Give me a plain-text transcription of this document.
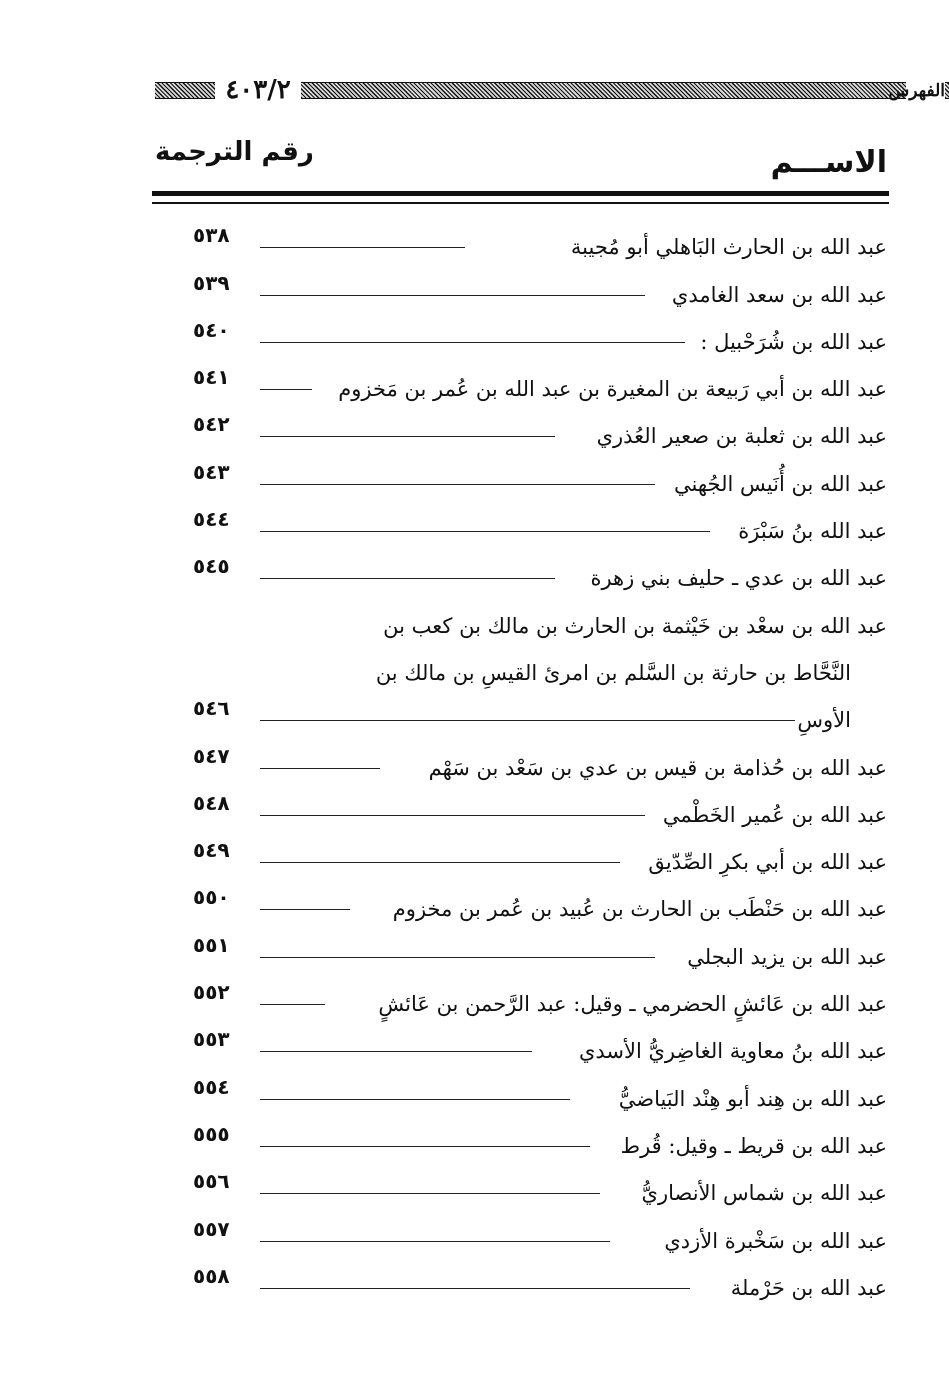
٤٠٣/٢	الفهرس
الاســـم
رقم الترجمة
عبد الله بن الحارث البَاهلي أبو مُجيبة
٥٣٨
عبد الله بن سعد الغامدي
٥٣٩
عبد الله بن شُرَحْبيل :
٥٤٠
عبد الله بن أبي رَبيعة بن المغيرة بن عبد الله بن عُمر بن مَخزوم
٥٤١
عبد الله بن ثعلبة بن صعير العُذري
٥٤٢
عبد الله بن أُنَيس الجُهني
٥٤٣
عبد الله بنُ سَبْرَة
٥٤٤
عبد الله بن عدي ـ حليف بني زهرة
٥٤٥
عبد الله بن سعْد بن خَيْثمة بن الحارث بن مالك بن كعب بن
النَّحَّاط بن حارثة بن السَّلم بن امرئ القيسِ بن مالك بن
الأوسِ
٥٤٦
عبد الله بن حُذامة بن قيس بن عدي بن سَعْد بن سَهْم
٥٤٧
عبد الله بن عُمير الخَطْمي
٥٤٨
عبد الله بن أبي بكرِ الصِّدّيق
٥٤٩
عبد الله بن حَنْطَب بن الحارث بن عُبيد بن عُمر بن مخزوم
٥٥٠
عبد الله بن يزيد البجلي
٥٥١
عبد الله بن عَائشٍ الحضرمي ـ وقيل: عبد الرَّحمن بن عَائشٍ
٥٥٢
عبد الله بنُ معاوية الغاضِريُّ الأسدي
٥٥٣
عبد الله بن هِند أبو هِنْد البَياضيُّ
٥٥٤
عبد الله بن قريط ـ وقيل: قُرط
٥٥٥
عبد الله بن شماس الأنصاريُّ
٥٥٦
عبد الله بن سَخْبرة الأزدي
٥٥٧
عبد الله بن حَرْملة
٥٥٨
